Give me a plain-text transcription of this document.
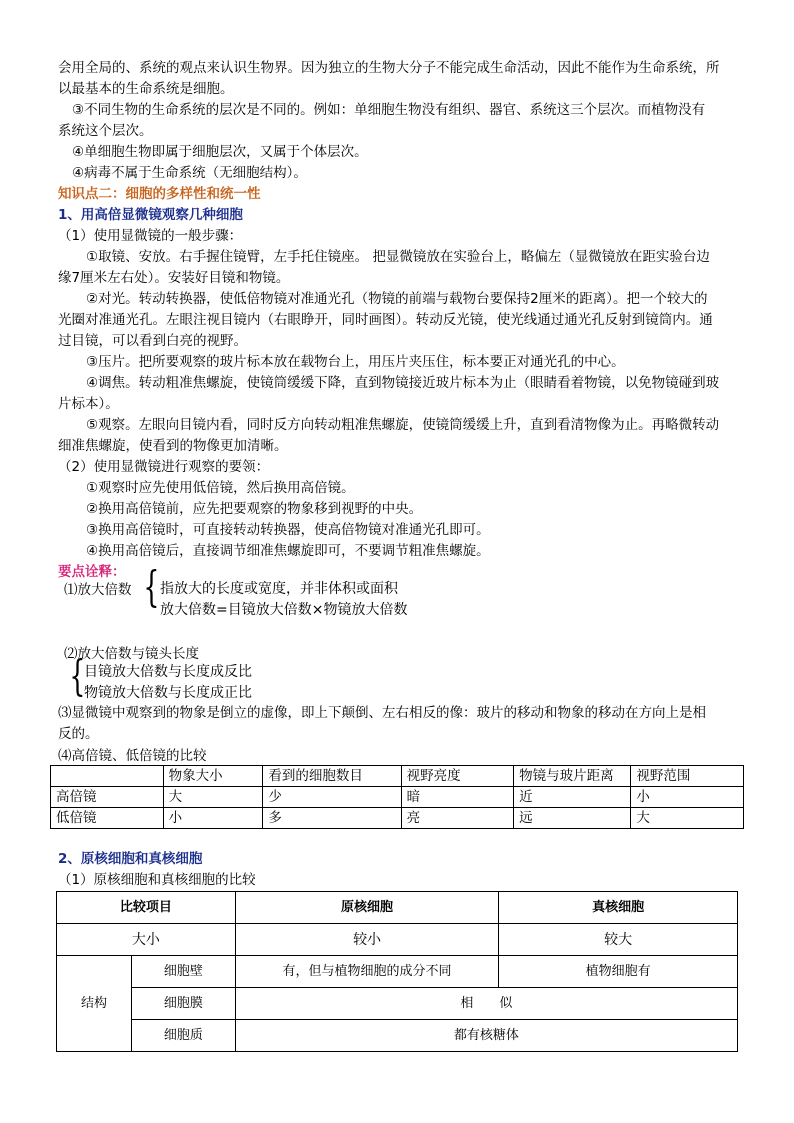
会用全局的、系统的观点来认识生物界。因为独立的生物大分子不能完成生命活动，因此不能作为生命系统，所

以最基本的生命系统是细胞。

③不同生物的生命系统的层次是不同的。例如：单细胞生物没有组织、器官、系统这三个层次。而植物没有

系统这个层次。

④单细胞生物即属于细胞层次，又属于个体层次。

④病毒不属于生命系统（无细胞结构）。

知识点二：细胞的多样性和统一性

1、用高倍显微镜观察几种细胞

（1）使用显微镜的一般步骤：

①取镜、安放。右手握住镜臂，左手托住镜座。 把显微镜放在实验台上，略偏左（显微镜放在距实验台边

缘7厘米左右处）。安装好目镜和物镜。

②对光。转动转换器，使低倍物镜对准通光孔（物镜的前端与载物台要保持2厘米的距离）。把一个较大的

光圈对准通光孔。左眼注视目镜内（右眼睁开，同时画图）。转动反光镜，使光线通过通光孔反射到镜筒内。通

过目镜，可以看到白亮的视野。

③压片。把所要观察的玻片标本放在载物台上，用压片夹压住，标本要正对通光孔的中心。

④调焦。转动粗准焦螺旋，使镜筒缓缓下降，直到物镜接近玻片标本为止（眼睛看着物镜，以免物镜碰到玻

片标本）。

⑤观察。左眼向目镜内看，同时反方向转动粗准焦螺旋，使镜筒缓缓上升，直到看清物像为止。再略微转动

细准焦螺旋，使看到的物像更加清晰。

（2）使用显微镜进行观察的要领：

①观察时应先使用低倍镜，然后换用高倍镜。

②换用高倍镜前，应先把要观察的物象移到视野的中央。

③换用高倍镜时，可直接转动转换器，使高倍物镜对准通光孔即可。

④换用高倍镜后，直接调节细准焦螺旋即可，不要调节粗准焦螺旋。

要点诠释：

⑴放大倍数 { 指放大的长度或宽度，并非体积或面积
放大倍数=目镜放大倍数×物镜放大倍数
⑵放大倍数与镜头长度
{
目镜放大倍数与长度成反比
物镜放大倍数与长度成正比

⑶显微镜中观察到的物象是倒立的虚像，即上下颠倒、左右相反的像：玻片的移动和物象的移动在方向上是相

反的。

⑷高倍镜、低倍镜的比较

	物象大小	看到的细胞数目	视野亮度	物镜与玻片距离	视野范围
高倍镜	大	少	暗	近	小
低倍镜	小	多	亮	远	大

2、原核细胞和真核细胞

（1）原核细胞和真核细胞的比较

比较项目		原核细胞	真核细胞
大小		较小	较大
结构	细胞壁	有，但与植物细胞的成分不同	植物细胞有
	细胞膜	相　　似	
	细胞质	都有核糖体	
